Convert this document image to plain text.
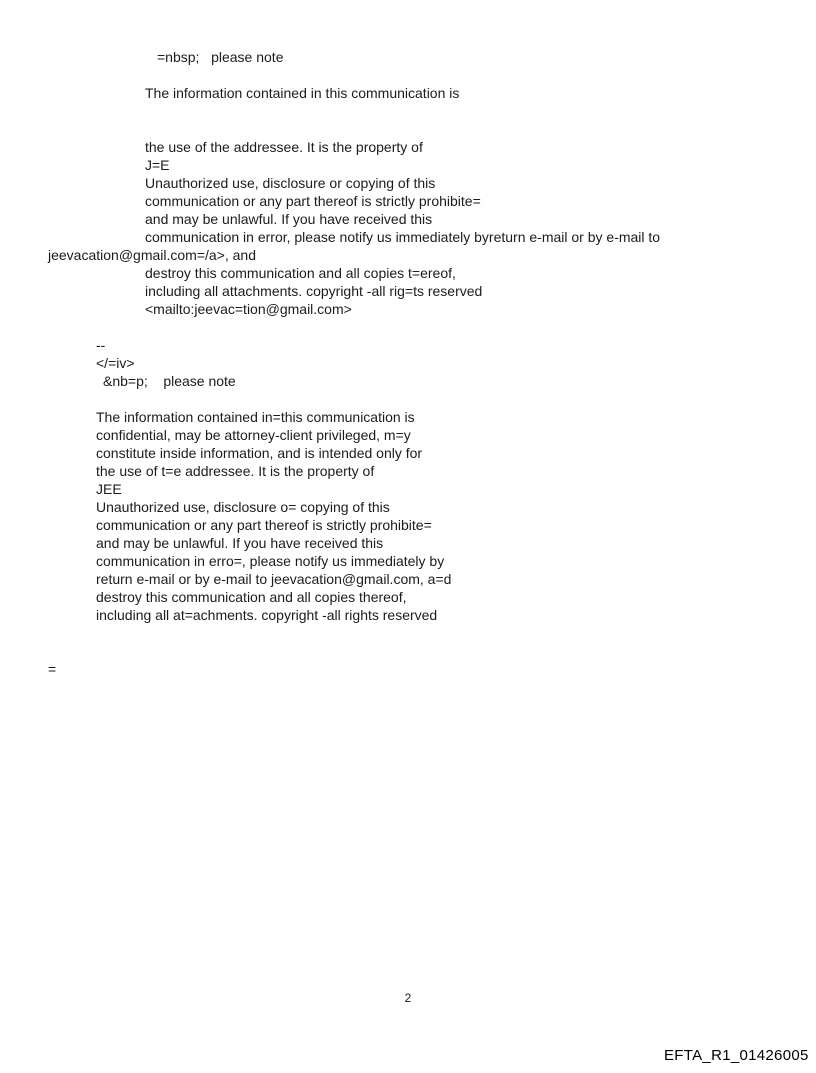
=nbsp;   please note
The information contained in this communication is
the use of the addressee. It is the property of
J=E
Unauthorized use, disclosure or copying of this
communication or any part thereof is strictly prohibite=
and may be unlawful. If you have received this
communication in error, please notify us immediately byreturn e-mail or by e-mail to
jeevacation@gmail.com=/a>, and
destroy this communication and all copies t=ereof,
including all attachments. copyright -all rig=ts reserved
<mailto:jeevac=tion@gmail.com>
--
</=iv>
&nb=p;    please note
The information contained in=this communication is
confidential, may be attorney-client privileged, m=y
constitute inside information, and is intended only for
the use of t=e addressee. It is the property of
JEE
Unauthorized use, disclosure o= copying of this
communication or any part thereof is strictly prohibite=
and may be unlawful. If you have received this
communication in erro=, please notify us immediately by
return e-mail or by e-mail to jeevacation@gmail.com, a=d
destroy this communication and all copies thereof,
including all at=achments. copyright -all rights reserved
=
2
EFTA_R1_01426005
